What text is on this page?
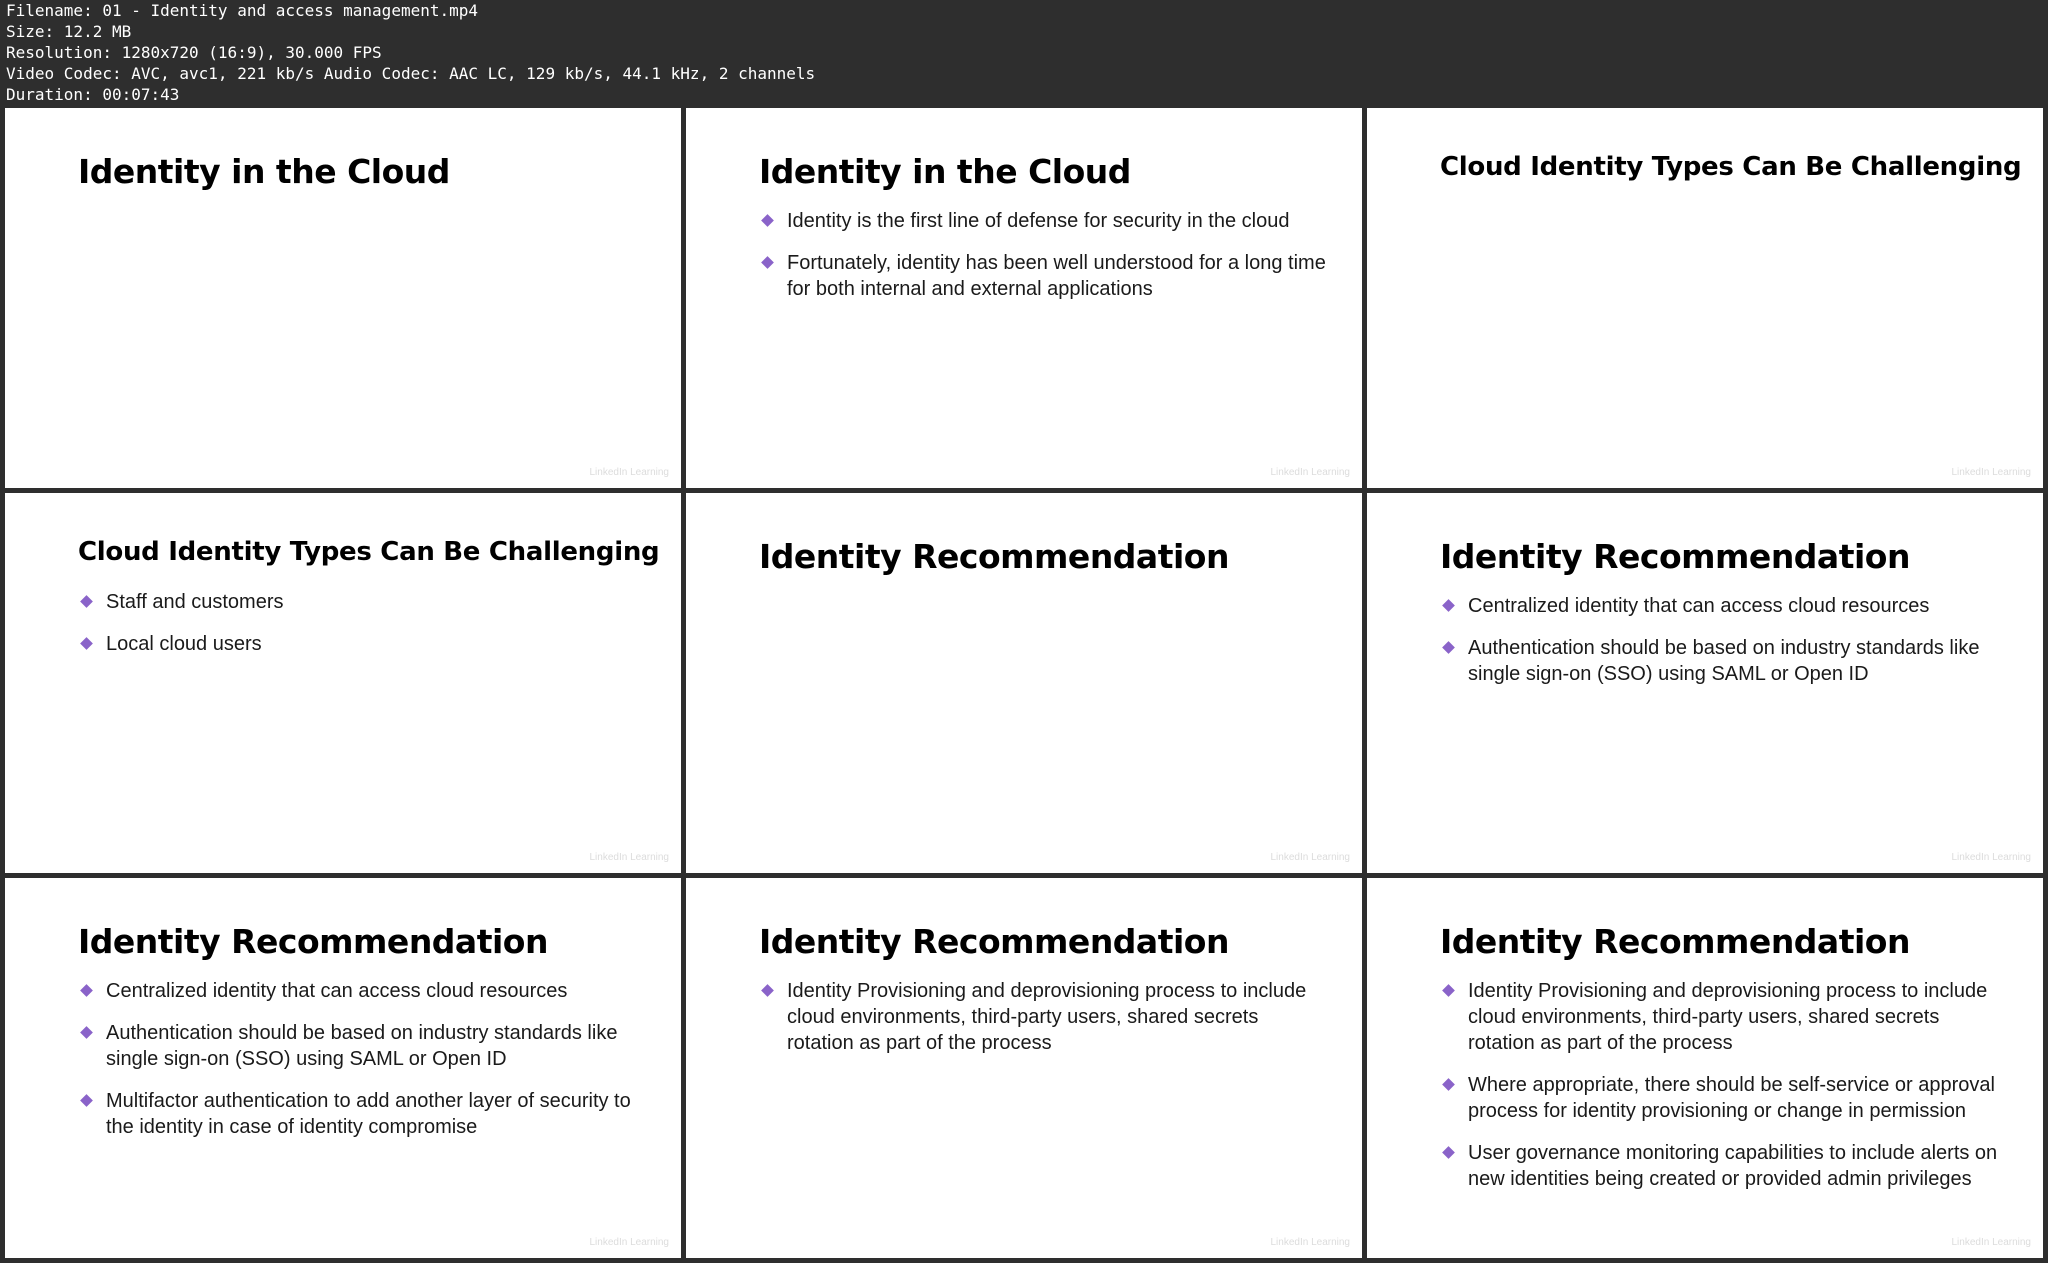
Filename: 01 - Identity and access management.mp4
Size: 12.2 MB
Resolution: 1280x720 (16:9), 30.000 FPS
Video Codec: AVC, avc1, 221 kb/s Audio Codec: AAC LC, 129 kb/s, 44.1 kHz, 2 channels
Duration: 00:07:43
Identity in the Cloud
LinkedIn Learning
Identity in the Cloud
Identity is the first line of defense for security in the cloud
Fortunately, identity has been well understood for a long time for both internal and external applications
LinkedIn Learning
Cloud Identity Types Can Be Challenging
LinkedIn Learning
Cloud Identity Types Can Be Challenging
Staff and customers
Local cloud users
LinkedIn Learning
Identity Recommendation
LinkedIn Learning
Identity Recommendation
Centralized identity that can access cloud resources
Authentication should be based on industry standards like single sign-on (SSO) using SAML or Open ID
LinkedIn Learning
Identity Recommendation
Centralized identity that can access cloud resources
Authentication should be based on industry standards like single sign-on (SSO) using SAML or Open ID
Multifactor authentication to add another layer of security to the identity in case of identity compromise
LinkedIn Learning
Identity Recommendation
Identity Provisioning and deprovisioning process to include cloud environments, third-party users, shared secrets rotation as part of the process
LinkedIn Learning
Identity Recommendation
Identity Provisioning and deprovisioning process to include cloud environments, third-party users, shared secrets rotation as part of the process
Where appropriate, there should be self-service or approval process for identity provisioning or change in permission
User governance monitoring capabilities to include alerts on new identities being created or provided admin privileges
LinkedIn Learning
